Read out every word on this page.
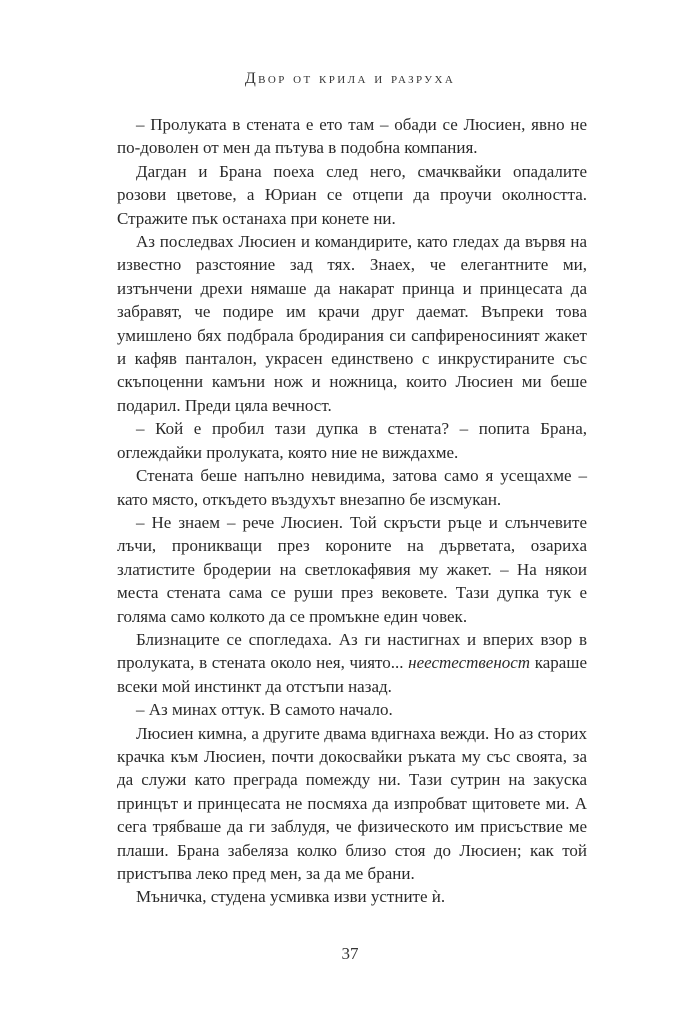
Двор от крила и разруха

– Пролуката в стената е ето там – обади се Люсиен, явно не по-доволен от мен да пътува в подобна компания.

Дагдан и Брана поеха след него, смачквайки опадалите розови цветове, а Юриан се отцепи да проучи околността. Стражите пък останаха при конете ни.

Аз последвах Люсиен и командирите, като гледах да вървя на известно разстояние зад тях. Знаех, че елегантните ми, изтънчени дрехи нямаше да накарат принца и принцесата да забравят, че подире им крачи друг даемат. Въпреки това умишлено бях подбрала бродирания си сапфиреносиният жакет и кафяв панталон, украсен единствено с инкрустираните със скъпоценни камъни нож и ножница, които Люсиен ми беше подарил. Преди цяла вечност.

– Кой е пробил тази дупка в стената? – попита Брана, оглеждайки пролуката, която ние не виждахме.

Стената беше напълно невидима, затова само я усещахме – като място, откъдето въздухът внезапно бе изсмукан.

– Не знаем – рече Люсиен. Той скръсти ръце и слънчевите лъчи, проникващи през короните на дърветата, озариха златистите бродерии на светлокафявия му жакет. – На някои места стената сама се руши през вековете. Тази дупка тук е голяма само колкото да се промъкне един човек.

Близнаците се спогледаха. Аз ги настигнах и вперих взор в пролуката, в стената около нея, чиято... неестественост караше всеки мой инстинкт да отстъпи назад.

– Аз минах оттук. В самото начало.

Люсиен кимна, а другите двама вдигнаха вежди. Но аз сторих крачка към Люсиен, почти докосвайки ръката му със своята, за да служи като преграда помежду ни. Тази сутрин на закуска принцът и принцесата не посмяха да изпробват щитовете ми. А сега трябваше да ги заблудя, че физическото им присъствие ме плаши. Брана забеляза колко близо стоя до Люсиен; как той пристъпва леко пред мен, за да ме брани.

Мъничка, студена усмивка изви устните ѝ.

37
